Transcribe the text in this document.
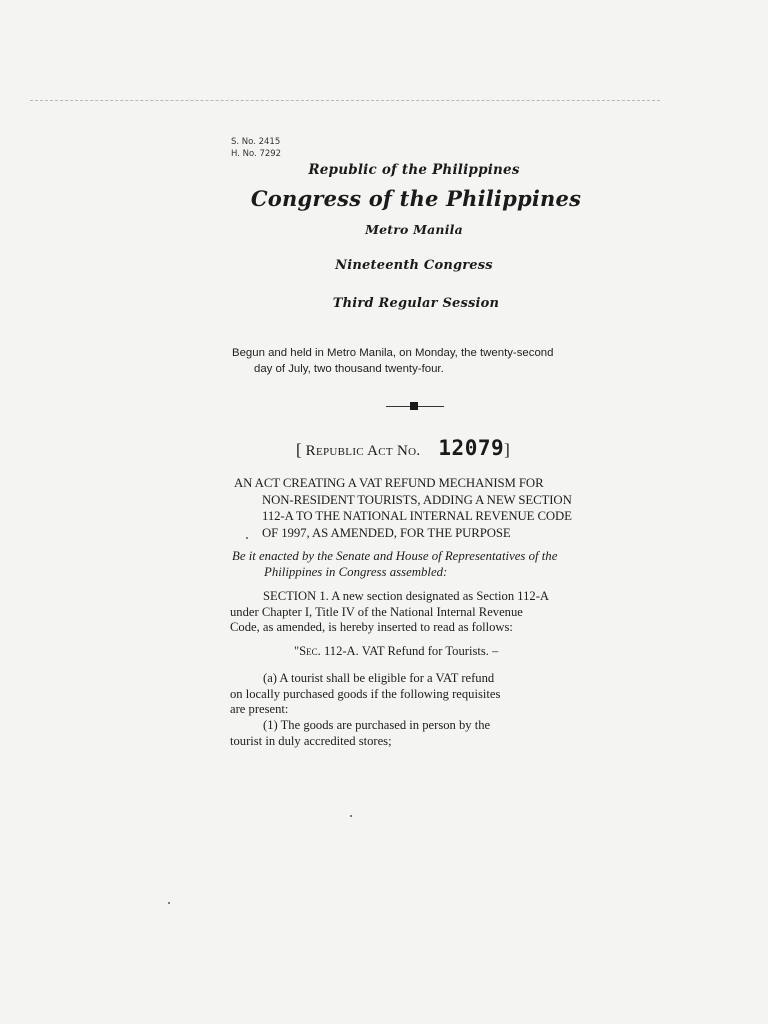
S. No. 2415
H. No. 7292
Republic of the Philippines
Congress of the Philippines
Metro Manila
Nineteenth Congress
Third Regular Session
Begun and held in Metro Manila, on Monday, the twenty-second
day of July, two thousand twenty-four.
[ Republic Act No. 12079]
AN ACT CREATING A VAT REFUND MECHANISM FOR
NON-RESIDENT TOURISTS, ADDING A NEW SECTION
112-A TO THE NATIONAL INTERNAL REVENUE CODE
OF 1997, AS AMENDED, FOR THE PURPOSE
Be it enacted by the Senate and House of Representatives of the
Philippines in Congress assembled:
SECTION 1. A new section designated as Section 112-A
under Chapter I, Title IV of the National Internal Revenue
Code, as amended, is hereby inserted to read as follows:
"Sec. 112-A. VAT Refund for Tourists. –
(a) A tourist shall be eligible for a VAT refund
on locally purchased goods if the following requisites
are present:
(1) The goods are purchased in person by the
tourist in duly accredited stores;
